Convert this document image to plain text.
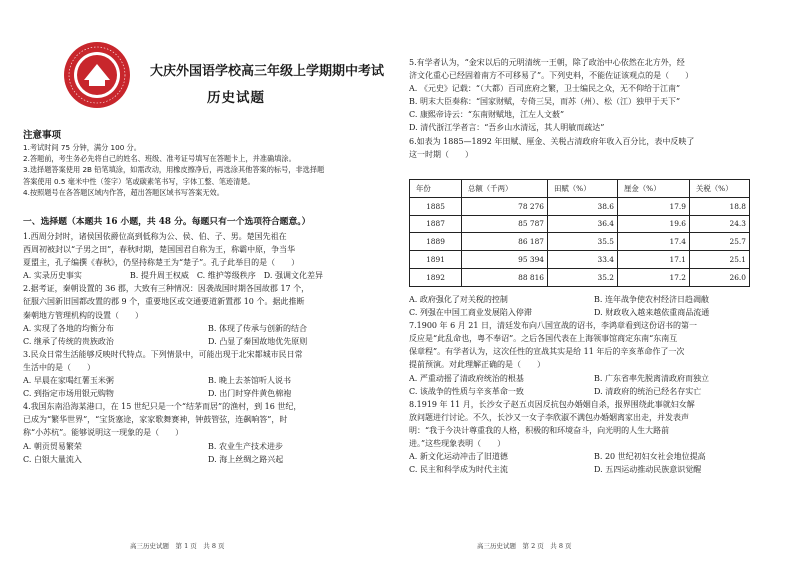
大庆外国语学校高三年级上学期期中考试
历史试题
注意事项
1.考试时间 75 分钟，满分 100 分。
2.答题前，考生务必先将自己的姓名、班级、准考证号填写在答题卡上，并准确填涂。
3.选择题答案使用 2B 铅笔填涂，如需改动，用橡皮擦净后，再选涂其他答案的标号，非选择题
答案使用 0.5 毫米中性（签字）笔或碳素笔书写，字体工整、笔迹清楚。
4.按照题号在各答题区域内作答，超出答题区域书写答案无效。
一、选择题（本题共 16 小题，共 48 分。每题只有一个选项符合题意。）
1.西周分封时，诸侯国依爵位高到低称为公、侯、伯、子、男。楚国先祖在
西周初被封以“子男之田”，春秋时期，楚国国君自称为王，称霸中原，争当华
夏盟主，孔子编撰《春秋》，仍坚持称楚王为“楚子”。孔子此举目的是（　　）
A. 实录历史事实　　　　　　B. 提升周王权威　C. 维护等级秩序　D. 强调文化差异
2.据考证，秦朝设置的 36 郡，大致有三种情况：因袭战国时期各国故郡 17 个，
征服六国新旧国都改置的郡 9 个，重要地区或交通要道新置郡 10 个。据此推断
秦朝地方管理机构的设置（　　）
A. 实现了各地的均衡分布	B. 体现了传承与创新的结合
C. 继承了传统的贵族政治	D. 凸显了秦国故地优先原则
3.民众日常生活能够反映时代特点。下列情景中，可能出现于北宋都城市民日常
生活中的是（　　）
A. 早晨在家喝红薯玉米粥	B. 晚上去茶馆听人说书
C. 到指定市场用银元购物	D. 出门时穿件黄色棉袍
4.我国东南沿海某港口，在 15 世纪只是一个“结茅而居”的渔村，到 16 世纪，
已成为“繁华世界”，“宝货塞途，家家歌舞赛神，钟鼓管弦，连飙响答”，时
称“小苏杭”。能够说明这一现象的是（　　）
A. 朝贡贸易繁荣	B. 农业生产技术进步
C. 白银大量流入	D. 海上丝绸之路兴起
高三历史试题　第 1 页　共 8 页
5.有学者认为，“金宋以后的元明清统一王朝，除了政治中心依然在北方外，经
济文化重心已经固着南方不可移易了”。下列史料，不能佐证该观点的是（　　）
A. 《元史》记载：“（大都）百司庶府之繁，卫士编民之众，无不仰给于江南”
B. 明末大臣奏称：“国家财赋，专倚三吴，而苏（州）、松（江）独甲于天下”
C. 康熙帝诗云：“东南财赋地，江左人文薮”
D. 清代浙江学者言：“吾乡山水清远，其人明敏而疏达”
6.如表为 1885—1892 年田赋、厘金、关税占清政府年收入百分比，表中反映了
这一时期（　　）
年份	总额（千两）	田赋（%）	厘金（%）	关税（%）
1885	78 276	38.6	17.9	18.8
1887	85 787	36.4	19.6	24.3
1889	86 187	35.5	17.4	25.7
1891	95 394	33.4	17.1	25.1
1892	88 816	35.2	17.2	26.0
A. 政府强化了对关税的控制	B. 连年战争使农村经济日趋凋敝
C. 列强在中国工商业发展陷入停滞	D. 财政收入越来越依重商品流通
7.1900 年 6 月 21 日，清廷发布向八国宣战的诏书，李鸿章看到这份诏书的第一
反应是“此乱命也，粤不奉诏”。之后各国代表在上海领事馆商定东南“东南互
保章程”。有学者认为，这次任性的宣战其实是给 11 年后的辛亥革命作了一次
提前预演。对此理解正确的是（　　）
A. 严重动摇了清政府统治的根基	B. 广东省率先脱离清政府而独立
C. 该战争的性质与辛亥革命一致	D. 清政府的统治已经名存实亡
8.1919 年 11 月，长沙女子赵五贞因反抗包办婚姻自杀，报界围绕此事就妇女解
放问题进行讨论。不久，长沙又一女子李欣淑不满包办婚姻离家出走，并发表声
明：“我于今决计尊重我的人格，积极的和环境奋斗，向光明的人生大路前
进。”这些现象表明（　　）
A. 新文化运动冲击了旧道德	B. 20 世纪初妇女社会地位提高
C. 民主和科学成为时代主流	D. 五四运动推动民族意识觉醒
高三历史试题　第 2 页　共 8 页
